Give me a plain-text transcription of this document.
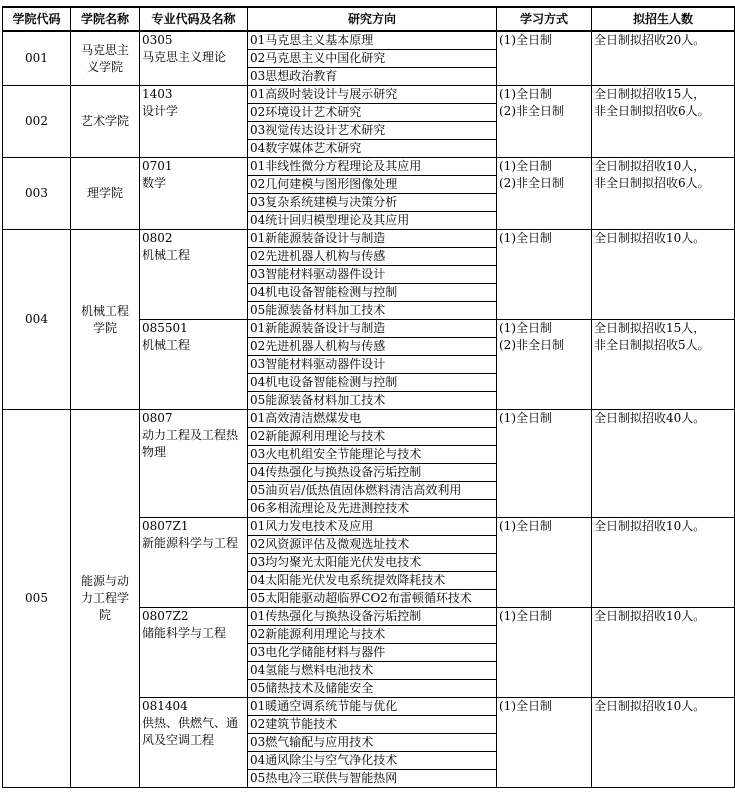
学院代码	学院名称	专业代码及名称	研究方向	学习方式	拟招生人数
001	马克思主
义学院	0305
马克思主义理论	01马克思主义基本原理	(1)全日制	全日制拟招收20人。

			02马克思主义中国化研究		
			03思想政治教育		
002	艺术学院	1403
设计学	01高级时装设计与展示研究	(1)全日制
(2)非全日制	全日制拟招收15人，
非全日制拟招收6人。

			02环境设计艺术研究		
			03视觉传达设计艺术研究		
			04数字媒体艺术研究		
003	理学院	0701
数学	01非线性微分方程理论及其应用	(1)全日制
(2)非全日制	全日制拟招收10人，
非全日制拟招收6人。

			02几何建模与图形图像处理		
			03复杂系统建模与决策分析		
			04统计回归模型理论及其应用		
004	机械工程
学院	0802
机械工程	01新能源装备设计与制造	(1)全日制	全日制拟招收10人。

			02先进机器人机构与传感		
			03智能材料驱动器件设计		
			04机电设备智能检测与控制		
			05能源装备材料加工技术		

		085501
机械工程	01新能源装备设计与制造	(1)全日制
(2)非全日制	全日制拟招收15人，
非全日制拟招收5人。

			02先进机器人机构与传感		
			03智能材料驱动器件设计		
			04机电设备智能检测与控制		
			05能源装备材料加工技术		
005	能源与动
力工程学
院	0807
动力工程及工程热
物理	01高效清洁燃煤发电	(1)全日制	全日制拟招收40人。

			02新能源利用理论与技术		
			03火电机组安全节能理论与技术		
			04传热强化与换热设备污垢控制		
			05油页岩/低热值固体燃料清洁高效利用		
			06多相流理论及先进测控技术		

		0807Z1
新能源科学与工程	01风力发电技术及应用	(1)全日制	全日制拟招收10人。

			02风资源评估及微观选址技术		
			03均匀聚光太阳能光伏发电技术		
			04太阳能光伏发电系统提效降耗技术		
			05太阳能驱动超临界CO2布雷顿循环技术		

		0807Z2
储能科学与工程	01传热强化与换热设备污垢控制	(1)全日制	全日制拟招收10人。

			02新能源利用理论与技术		
			03电化学储能材料与器件		
			04氢能与燃料电池技术		
			05储热技术及储能安全		

		081404
供热、供燃气、通
风及空调工程	01暖通空调系统节能与优化	(1)全日制	全日制拟招收10人。

			02建筑节能技术		
			03燃气输配与应用技术		
			04通风除尘与空气净化技术		
			05热电冷三联供与智能热网		
